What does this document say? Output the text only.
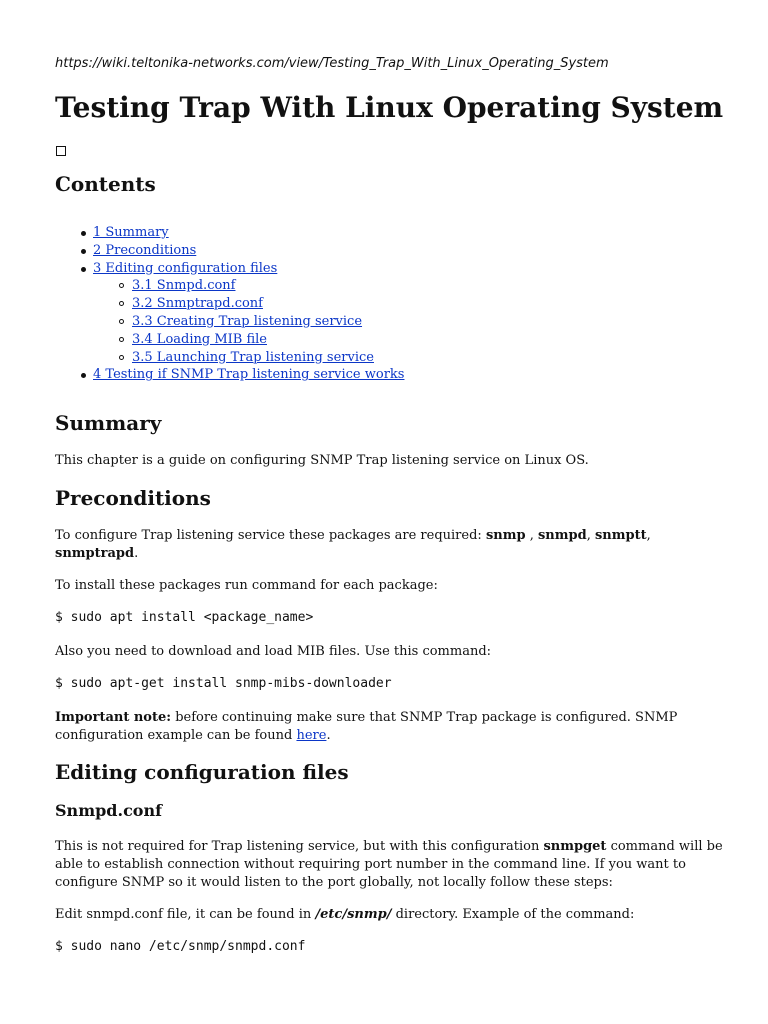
https://wiki.teltonika-networks.com/view/Testing_Trap_With_Linux_Operating_System
Testing Trap With Linux Operating System
Contents
1 Summary
2 Preconditions
3 Editing configuration files
3.1 Snmpd.conf
3.2 Snmptrapd.conf
3.3 Creating Trap listening service
3.4 Loading MIB file
3.5 Launching Trap listening service
4 Testing if SNMP Trap listening service works
Summary

This chapter is a guide on configuring SNMP Trap listening service on Linux OS.

Preconditions

To configure Trap listening service these packages are required: snmp , snmpd, snmptt,
snmptrapd.

To install these packages run command for each package:

$ sudo apt install <package_name>

Also you need to download and load MIB files. Use this command:

$ sudo apt-get install snmp-mibs-downloader

Important note: before continuing make sure that SNMP Trap package is configured. SNMP configuration example can be found here.

Editing configuration files
Snmpd.conf

This is not required for Trap listening service, but with this configuration snmpget command will be able to establish connection without requiring port number in the command line. If you want to configure SNMP so it would listen to the port globally, not locally follow these steps:

Edit snmpd.conf file, it can be found in /etc/snmp/ directory. Example of the command:

$ sudo nano /etc/snmp/snmpd.conf
